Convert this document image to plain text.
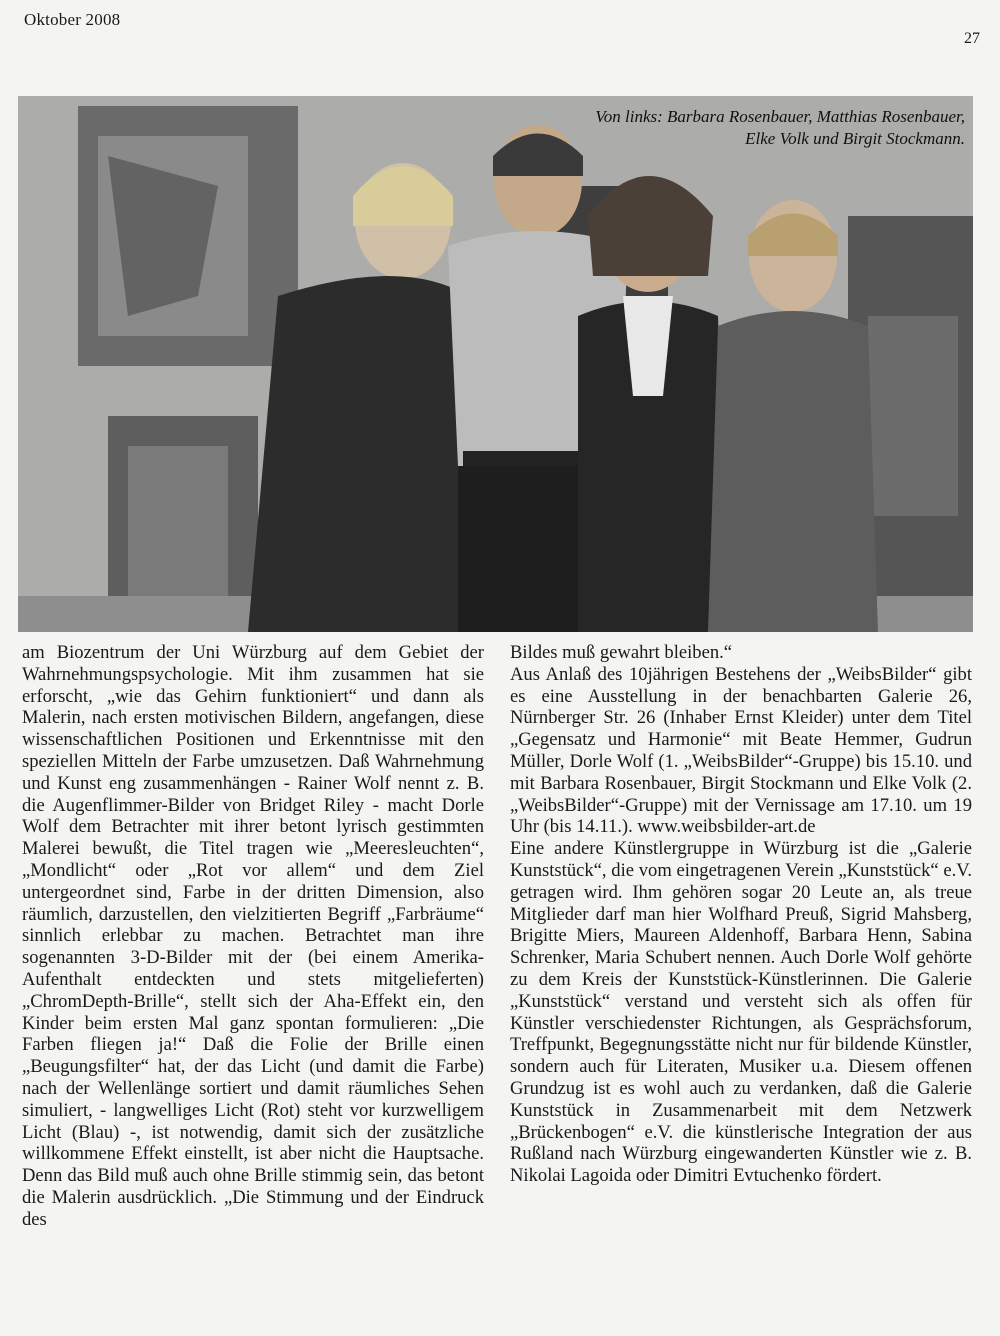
Oktober 2008
27
Von links: Barbara Rosenbauer, Matthias Rosenbauer,
Elke Volk und Birgit Stockmann.

am Biozentrum der Uni Würzburg auf dem Gebiet der Wahrnehmungspsychologie. Mit ihm zusammen hat sie erforscht, „wie das Gehirn funktioniert“ und dann als Malerin, nach ersten motivischen Bildern, angefangen, diese wissenschaftlichen Positionen und Erkenntnisse mit den speziellen Mitteln der Farbe umzusetzen. Daß Wahrnehmung und Kunst eng zusammenhängen - Rainer Wolf nennt z. B. die Augenflimmer-Bilder von Bridget Riley - macht Dorle Wolf dem Betrachter mit ihrer betont lyrisch gestimmten Malerei bewußt, die Titel tragen wie „Meeresleuchten“, „Mondlicht“ oder „Rot vor allem“ und dem Ziel untergeordnet sind, Farbe in der dritten Dimension, also räumlich, darzustellen, den vielzitierten Begriff „Farbräume“ sinnlich erlebbar zu machen. Betrachtet man ihre sogenannten 3-D-Bilder mit der (bei einem Amerika-Aufenthalt entdeckten und stets mitgelieferten) „ChromDepth-Brille“, stellt sich der Aha-Effekt ein, den Kinder beim ersten Mal ganz spontan formulieren: „Die Farben fliegen ja!“ Daß die Folie der Brille einen „Beugungsfilter“ hat, der das Licht (und damit die Farbe) nach der Wellenlänge sortiert und damit räumliches Sehen simuliert, - langwelliges Licht (Rot) steht vor kurzwelligem Licht (Blau) -, ist notwendig, damit sich der zusätzliche willkommene Effekt einstellt, ist aber nicht die Hauptsache. Denn das Bild muß auch ohne Brille stimmig sein, das betont die Malerin ausdrücklich. „Die Stimmung und der Eindruck des

Bildes muß gewahrt bleiben.“

Aus Anlaß des 10jährigen Bestehens der „WeibsBilder“ gibt es eine Ausstellung in der benachbarten Galerie 26, Nürnberger Str. 26 (Inhaber Ernst Kleider) unter dem Titel „Gegensatz und Harmonie“ mit Beate Hemmer, Gudrun Müller, Dorle Wolf (1. „WeibsBilder“-Gruppe) bis 15.10. und mit Barbara Rosenbauer, Birgit Stockmann und Elke Volk (2. „WeibsBilder“-Gruppe) mit der Vernissage am 17.10. um 19 Uhr (bis 14.11.). www.weibsbilder-art.de

Eine andere Künstlergruppe in Würzburg ist die „Galerie Kunststück“, die vom eingetragenen Verein „Kunststück“ e.V. getragen wird. Ihm gehören sogar 20 Leute an, als treue Mitglieder darf man hier Wolfhard Preuß, Sigrid Mahsberg, Brigitte Miers, Maureen Aldenhoff, Barbara Henn, Sabina Schrenker, Maria Schubert nennen. Auch Dorle Wolf gehörte zu dem Kreis der Kunststück-Künstlerinnen. Die Galerie „Kunststück“ verstand und versteht sich als offen für Künstler verschiedenster Richtungen, als Gesprächsforum, Treffpunkt, Begegnungsstätte nicht nur für bildende Künstler, sondern auch für Literaten, Musiker u.a. Diesem offenen Grundzug ist es wohl auch zu verdanken, daß die Galerie Kunststück in Zusammenarbeit mit dem Netzwerk „Brückenbogen“ e.V. die künstlerische Integration der aus Rußland nach Würzburg eingewanderten Künstler wie z. B. Nikolai Lagoida oder Dimitri Evtuchenko fördert.
